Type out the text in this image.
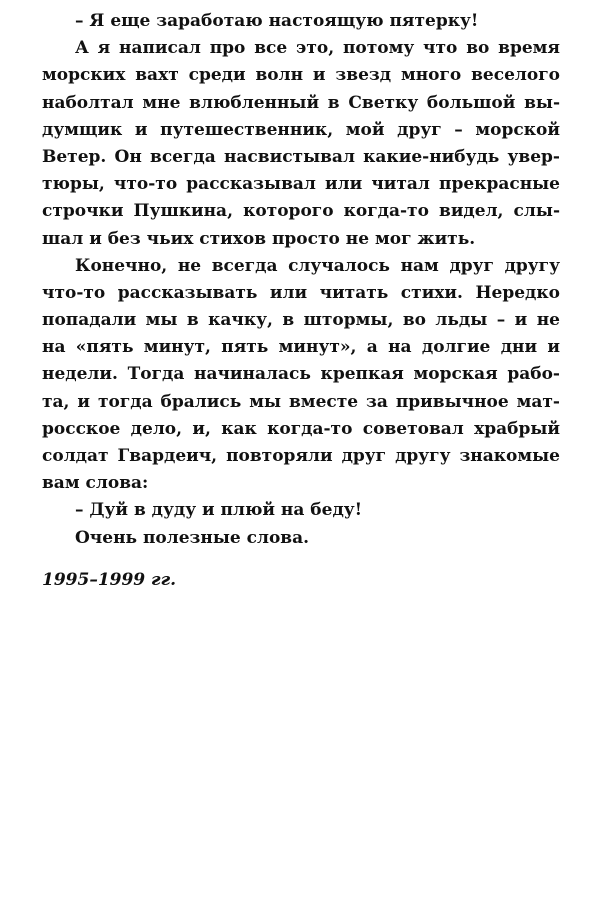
– Я еще заработаю настоящую пятерку!
А я написал про все это, потому что во время
морских вахт среди волн и звезд много веселого
наболтал мне влюбленный в Светку большой вы-
думщик и путешественник, мой друг – морской
Ветер. Он всегда насвистывал какие-нибудь увер-
тюры, что-то рассказывал или читал прекрасные
строчки Пушкина, которого когда-то видел, слы-
шал и без чьих стихов просто не мог жить.
Конечно, не всегда случалось нам друг другу
что-то рассказывать или читать стихи. Нередко
попадали мы в качку, в штормы, во льды – и не
на «пять минут, пять минут», а на долгие дни и
недели. Тогда начиналась крепкая морская рабо-
та, и тогда брались мы вместе за привычное мат-
росское дело, и, как когда-то советовал храбрый
солдат Гвардеич, повторяли друг другу знакомые
вам слова:
– Дуй в дуду и плюй на беду!
Очень полезные слова.
1995–1999 гг.
